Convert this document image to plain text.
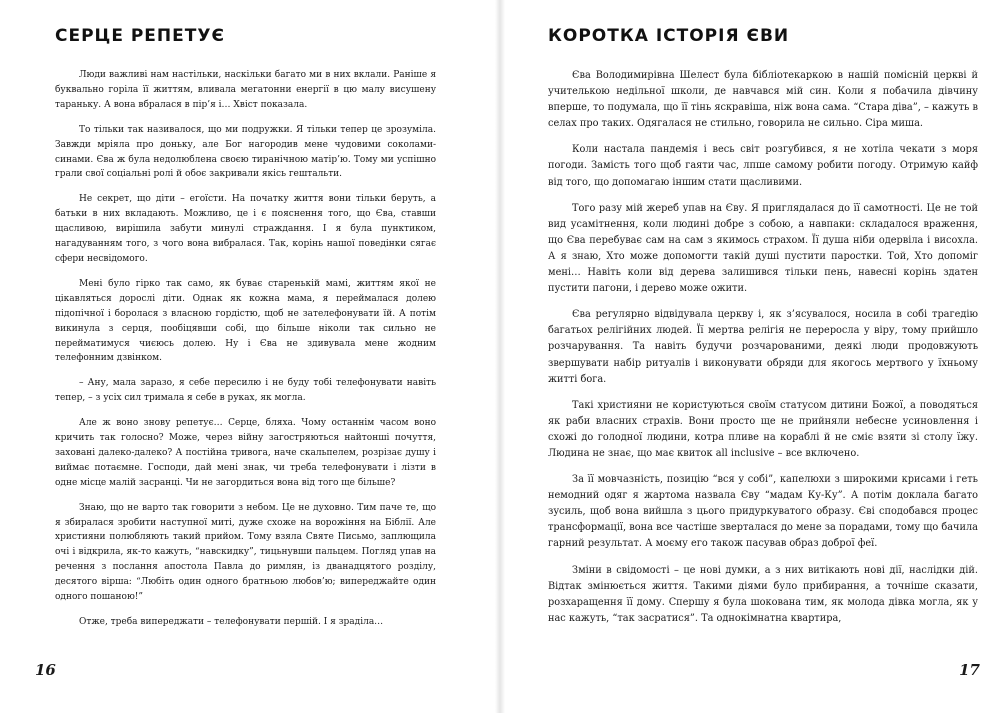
СЕРЦЕ РЕПЕТУЄ

Люди важливі нам настільки, наскільки багато ми в них вклали. Раніше я буквально горіла її життям, вливала мегатонни енергії в цю малу висушену тараньку. А вона вбралася в пір’я і… Хвіст показала.

То тільки так називалося, що ми подружки. Я тільки тепер це зрозуміла. Завжди мріяла про доньку, але Бог нагородив мене чудовими соколами-синами. Єва ж була недолюблена своєю тиранічною матір’ю. Тому ми успішно грали свої соціальні ролі й обоє закривали якісь гештальти.

Не секрет, що діти – егоїсти. На початку життя вони тільки беруть, а батьки в них вкладають. Можливо, це і є пояснення того, що Єва, ставши щасливою, вирішила забути минулі страждання. І я була пунктиком, нагадуванням того, з чого вона вибралася. Так, корінь нашої поведінки сягає сфери несвідомого.

Мені було гірко так само, як буває старенькій мамі, життям якої не цікавляться дорослі діти. Однак як кожна мама, я переймалася долею підопічної і боролася з власною гордістю, щоб не зателефонувати їй. А потім викинула з серця, пообіцявши собі, що більше ніколи так сильно не перейматимуся чиєюсь долею. Ну і Єва не здивувала мене жодним телефонним дзвінком.

– Ану, мала заразо, я себе пересилю і не буду тобі телефонувати навіть тепер, – з усіх сил тримала я себе в руках, як могла.

Але ж воно знову репетує… Серце, бляха. Чому останнім часом воно кричить так голосно? Може, через війну загостряються найтонші почуття, заховані далеко-далеко? А постійна тривога, наче скальпелем, розрізає душу і виймає потаємне. Господи, дай мені знак, чи треба телефонувати і лізти в одне місце малій засранці. Чи не загордиться вона від того ще більше?

Знаю, що не варто так говорити з небом. Це не духовно. Тим паче те, що я збиралася зробити наступної миті, дуже схоже на ворожіння на Біблії. Але християни полюбляють такий прийом. Тому взяла Святе Письмо, заплющила очі і відкрила, як-то кажуть, “навскидку”, тицьнувши пальцем. Погляд упав на речення з послання апостола Павла до римлян, із дванадцятого розділу, десятого вірша: “Любіть один одного братньою любов’ю; випереджайте один одного пошаною!”

Отже, треба випереджати – телефонувати першій. І я зраділа…

16
КОРОТКА ІСТОРІЯ ЄВИ

Єва Володимирівна Шелест була бібліотекаркою в нашій помісній церкві й учителькою недільної школи, де навчався мій син. Коли я побачила дівчину вперше, то подумала, що її тінь яскравіша, ніж вона сама. “Стара діва”, – кажуть в селах про таких. Одягалася не стильно, говорила не сильно. Сіра миша.

Коли настала пандемія і весь світ розгубився, я не хотіла чекати з моря погоди. Замість того щоб гаяти час, лпше самому робити погоду. Отримую кайф від того, що допомагаю іншим стати щасливими.

Того разу мій жереб упав на Єву. Я приглядалася до її самотності. Це не той вид усамітнення, коли людині добре з собою, а навпаки: складалося враження, що Єва перебуває сам на сам з якимось страхом. Її душа ніби одервіла і висохла. А я знаю, Хто може допомогти такій душі пустити паростки. Той, Хто допоміг мені… Навіть коли від дерева залишився тільки пень, навесні корінь здатен пустити пагони, і дерево може ожити.

Єва регулярно відвідувала церкву і, як з’ясувалося, носила в собі трагедію багатьох релігійних людей. Її мертва релігія не переросла у віру, тому прийшло розчарування. Та навіть будучи розчарованими, деякі люди продовжують звершувати набір ритуалів і виконувати обряди для якогось мертвого у їхньому житті бога.

Такі християни не користуються своїм статусом дитини Божої, а поводяться як раби власних страхів. Вони просто ще не прийняли небесне усиновлення і схожі до голодної людини, котра пливе на кораблі й не сміє взяти зі столу їжу. Людина не знає, що має квиток all inclusive – все включено.

За її мовчазність, позицію “вся у собі”, капелюхи з широкими крисами і геть немодний одяг я жартома назвала Єву “мадам Ку-Ку”. А потім доклала багато зусиль, щоб вона вийшла з цього придуркуватого образу. Єві сподобався процес трансформації, вона все частіше зверталася до мене за порадами, тому що бачила гарний результат. А моєму его також пасував образ доброї феї.

Зміни в свідомості – це нові думки, а з них витікають нові дії, наслідки дій. Відтак змінюється життя. Такими діями було прибирання, а точніше сказати, розхаращення її дому. Спершу я була шокована тим, як молода дівка могла, як у нас кажуть, “так засратися”. Та однокімнатна квартира,

17
